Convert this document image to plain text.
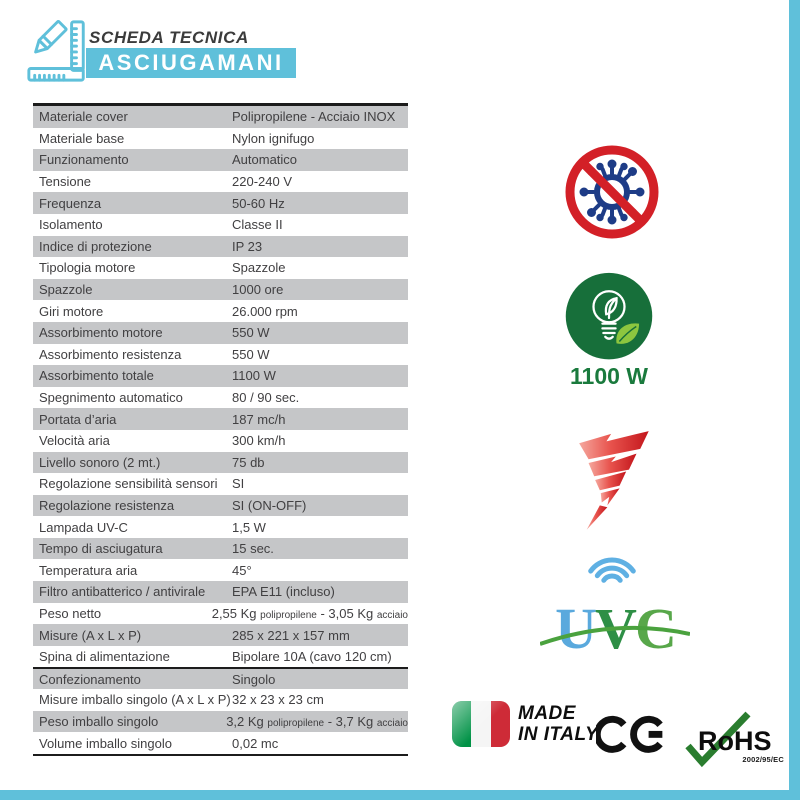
SCHEDA TECNICA
ASCIUGAMANI
Materiale cover	Polipropilene - Acciaio INOX
Materiale base	Nylon ignifugo
Funzionamento	Automatico
Tensione	220-240 V
Frequenza	50-60 Hz
Isolamento	Classe II
Indice di protezione	IP 23
Tipologia motore	Spazzole
Spazzole	1000 ore
Giri motore	26.000 rpm
Assorbimento motore	550 W
Assorbimento resistenza	550 W
Assorbimento totale	1100 W
Spegnimento automatico	80 / 90 sec.
Portata d’aria	187 mc/h
Velocità aria	300 km/h
Livello sonoro (2 mt.)	75 db
Regolazione sensibilità sensori	SI
Regolazione resistenza	SI (ON-OFF)
Lampada UV-C	1,5 W
Tempo di asciugatura	15 sec.
Temperatura aria	45°
Filtro antibatterico / antivirale	EPA E11 (incluso)
Peso netto	2,55 Kg polipropilene - 3,05 Kg acciaio
Misure (A x L x P)	285 x 221 x 157 mm
Spina di alimentazione	Bipolare 10A (cavo 120 cm)
Confezionamento	Singolo
Misure imballo singolo (A x L x P) 32 x 23 x 23 cm
Peso imballo singolo	3,2 Kg polipropilene - 3,7 Kg acciaio
Volume imballo singolo	0,02 mc
1100 W
UVC
MADE
IN ITALY	RoHS
2002/95/EC
